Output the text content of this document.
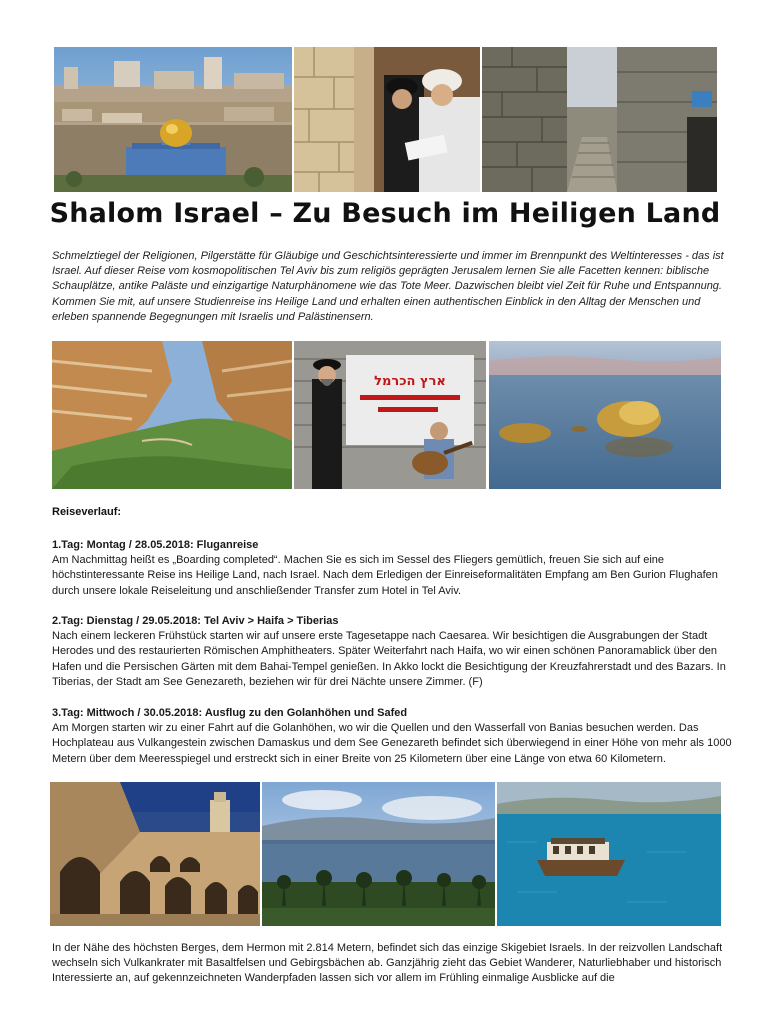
Shalom Israel – Zu Besuch im Heiligen Land

Schmelztiegel der Religionen, Pilgerstätte für Gläubige und Geschichtsinteressierte und immer im Brennpunkt des Weltinteresses - das ist Israel. Auf dieser Reise vom kosmopolitischen Tel Aviv bis zum religiös geprägten Jerusalem lernen Sie alle Facetten kennen: biblische Schauplätze, antike Paläste und einzigartige Naturphänomene wie das Tote Meer. Dazwischen bleibt viel Zeit für Ruhe und Entspannung. Kommen Sie mit, auf unsere Studienreise ins Heilige Land und erhalten einen authentischen Einblick in den Alltag der Menschen und erleben spannende Begegnungen mit Israelis und Palästinensern.

ארץ הכרמל

Reiseverlauf:

1.Tag: Montag / 28.05.2018: Fluganreise
Am Nachmittag heißt es „Boarding completed“. Machen Sie es sich im Sessel des Fliegers gemütlich, freuen Sie sich auf eine höchstinteressante Reise ins Heilige Land, nach Israel. Nach dem Erledigen der Einreiseformalitäten Empfang am Ben Gurion Flughafen durch unsere lokale Reiseleitung und anschließender Transfer zum Hotel in Tel Aviv.
2.Tag: Dienstag / 29.05.2018: Tel Aviv > Haifa > Tiberias
Nach einem leckeren Frühstück starten wir auf unsere erste Tagesetappe nach Caesarea. Wir besichtigen die Ausgrabungen der Stadt Herodes und des restaurierten Römischen Amphitheaters. Später Weiterfahrt nach Haifa, wo wir einen schönen Panoramablick über den Hafen und die Persischen Gärten mit dem Bahai-Tempel genießen. In Akko lockt die Besichtigung der Kreuzfahrerstadt und des Bazars. In Tiberias, der Stadt am See Genezareth, beziehen wir für drei Nächte unsere Zimmer. (F)
3.Tag: Mittwoch / 30.05.2018: Ausflug zu den Golanhöhen und Safed
Am Morgen starten wir zu einer Fahrt auf die Golanhöhen, wo wir die Quellen und den Wasserfall von Banias besuchen werden. Das Hochplateau aus Vulkangestein zwischen Damaskus und dem See Genezareth befindet sich überwiegend in einer Höhe von mehr als 1000 Metern über dem Meeresspiegel und erstreckt sich in einer Breite von 25 Kilometern über eine Länge von etwa 60 Kilometern.

In der Nähe des höchsten Berges, dem Hermon mit 2.814 Metern, befindet sich das einzige Skigebiet Israels. In der reizvollen Landschaft wechseln sich Vulkankrater mit Basaltfelsen und Gebirgsbächen ab. Ganzjährig zieht das Gebiet Wanderer, Naturliebhaber und historisch Interessierte an, auf gekennzeichneten Wanderpfaden lassen sich vor allem im Frühling einmalige Ausblicke auf die
